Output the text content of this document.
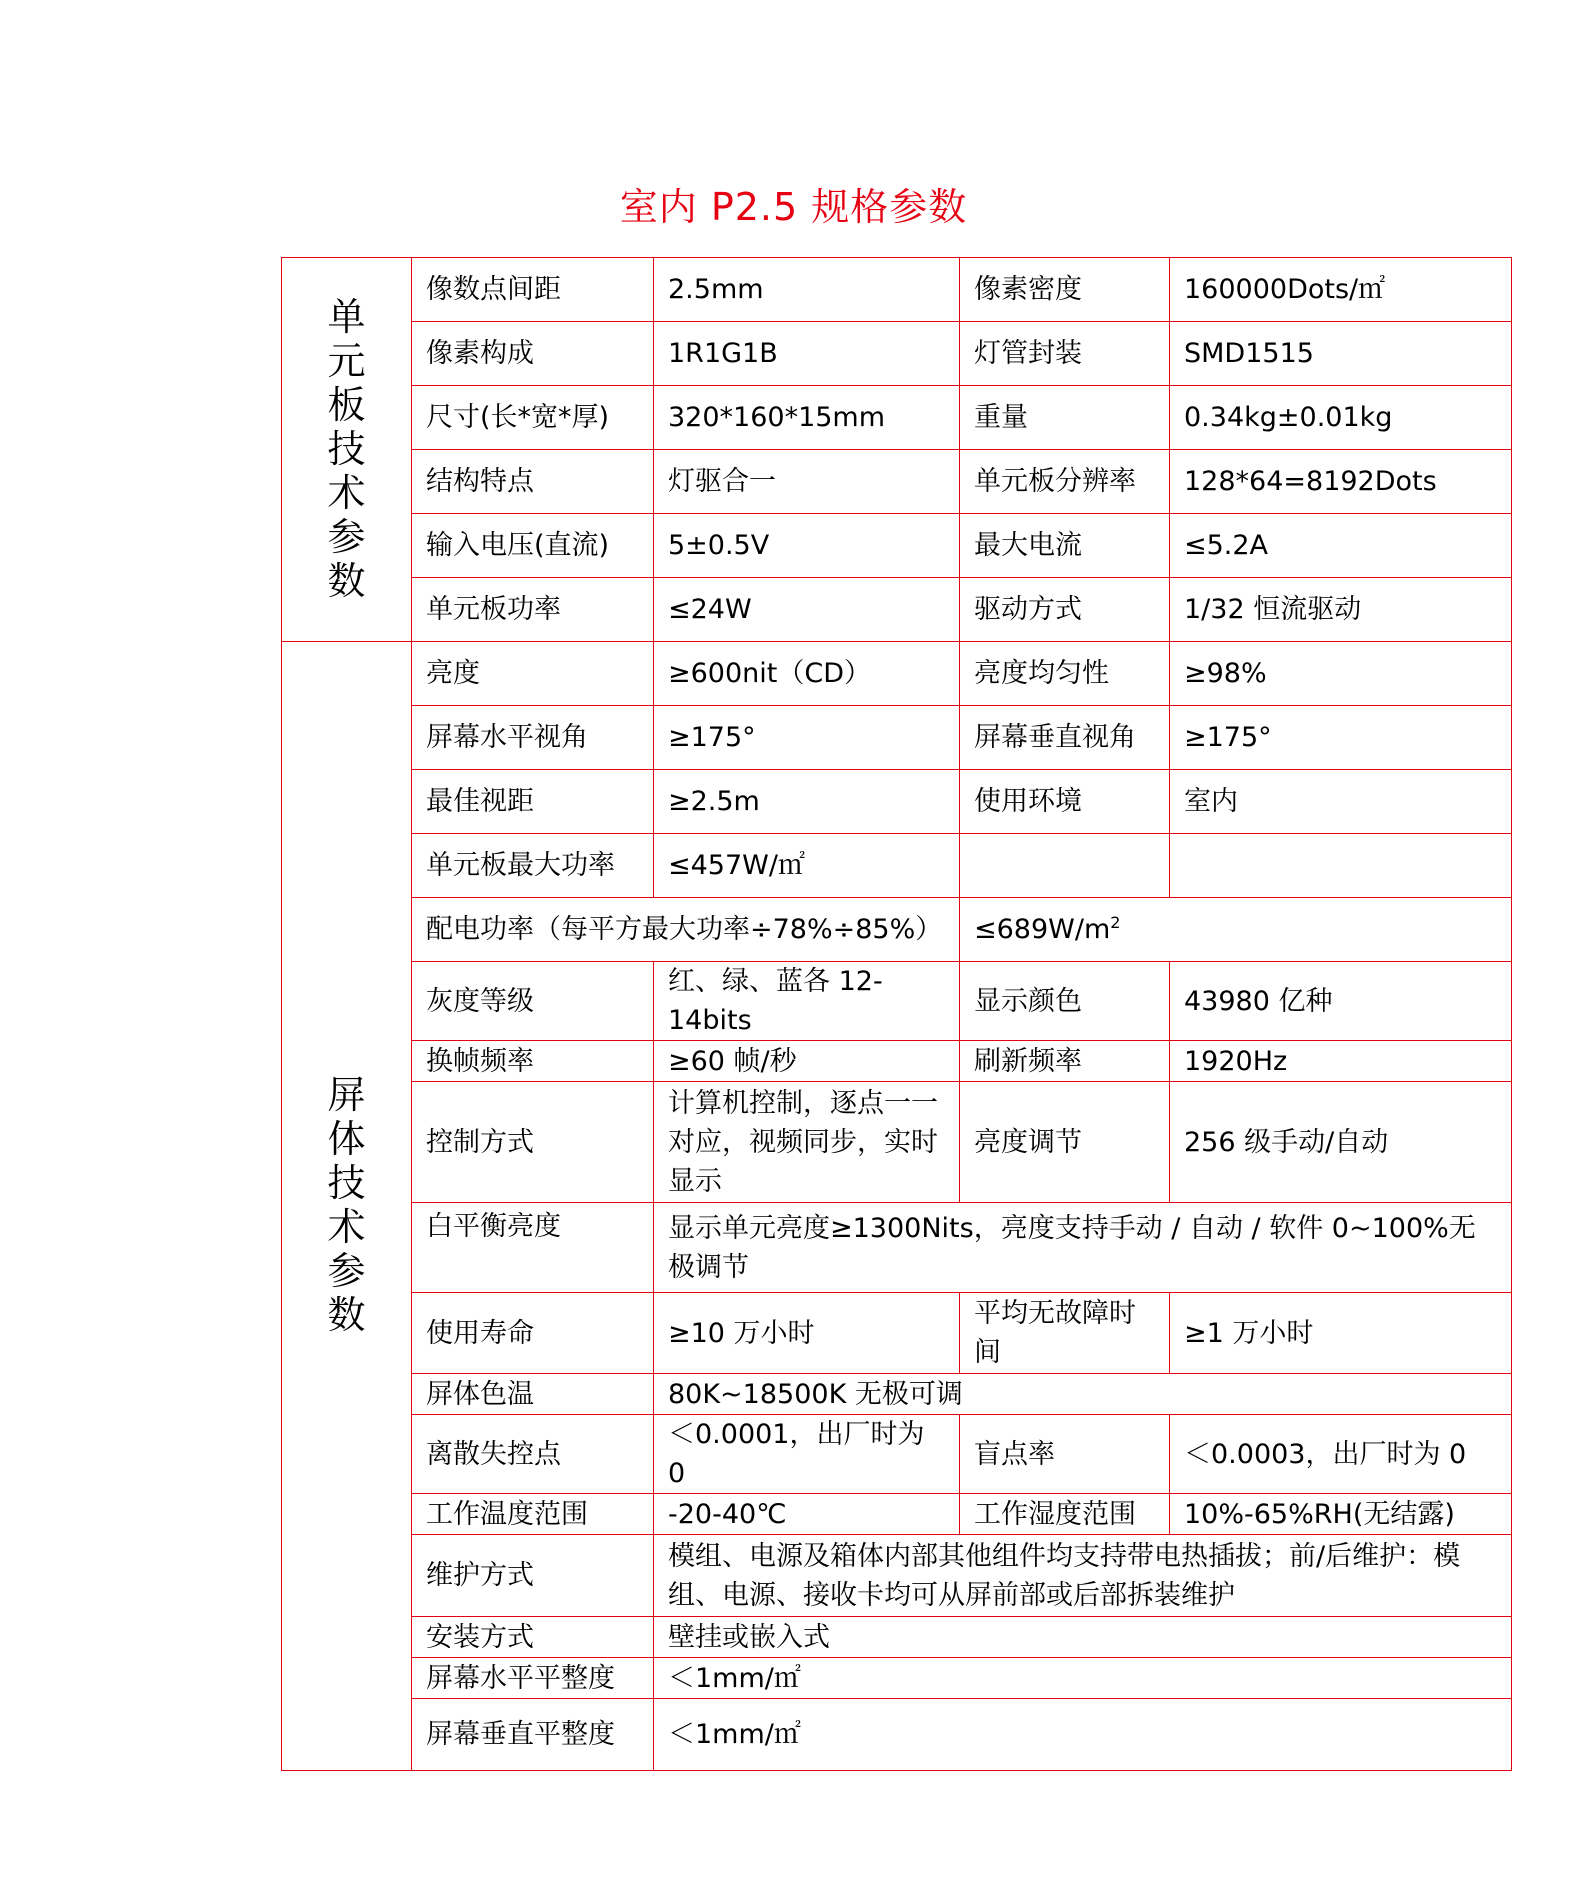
室内 P2.5 规格参数
单元板技术参数	像数点间距	2.5mm	像素密度	160000Dots/㎡
	像素构成	1R1G1B	灯管封装	SMD1515
	尺寸(长*宽*厚)	320*160*15mm	重量	0.34kg±0.01kg
	结构特点	灯驱合一	单元板分辨率	128*64=8192Dots
	输入电压(直流)	5±0.5V	最大电流	≤5.2A
	单元板功率	≤24W	驱动方式	1/32 恒流驱动
屏体技术参数	亮度	≥600nit（CD）	亮度均匀性	≥98%
	屏幕水平视角	≥175°	屏幕垂直视角	≥175°
	最佳视距	≥2.5m	使用环境	室内
	单元板最大功率	≤457W/㎡		
	配电功率（每平方最大功率÷78%÷85%）		$\le 689W/m^2$
	灰度等级	红、绿、蓝各 12-14bits	显示颜色	43980 亿种
	换帧频率	≥60 帧/秒	刷新频率	1920Hz
	控制方式	计算机控制，逐点一一对应，视频同步，实时显示	亮度调节	256 级手动/自动
	白平衡亮度	显示单元亮度≥1300Nits，亮度支持手动 / 自动 / 软件 0~100%无极调节		
	使用寿命	≥10 万小时	平均无故障时间	≥1 万小时
	屏体色温	80K~18500K 无极可调		
	离散失控点	＜0.0001，出厂时为 0	盲点率	＜0.0003，出厂时为 0
	工作温度范围	-20-40℃	工作湿度范围	10%-65%RH(无结露)
	维护方式	模组、电源及箱体内部其他组件均支持带电热插拔；前/后维护：模组、电源、接收卡均可从屏前部或后部拆装维护		
	安装方式	壁挂或嵌入式		
	屏幕水平平整度	＜1mm/㎡		
	屏幕垂直平整度	＜1mm/㎡		
